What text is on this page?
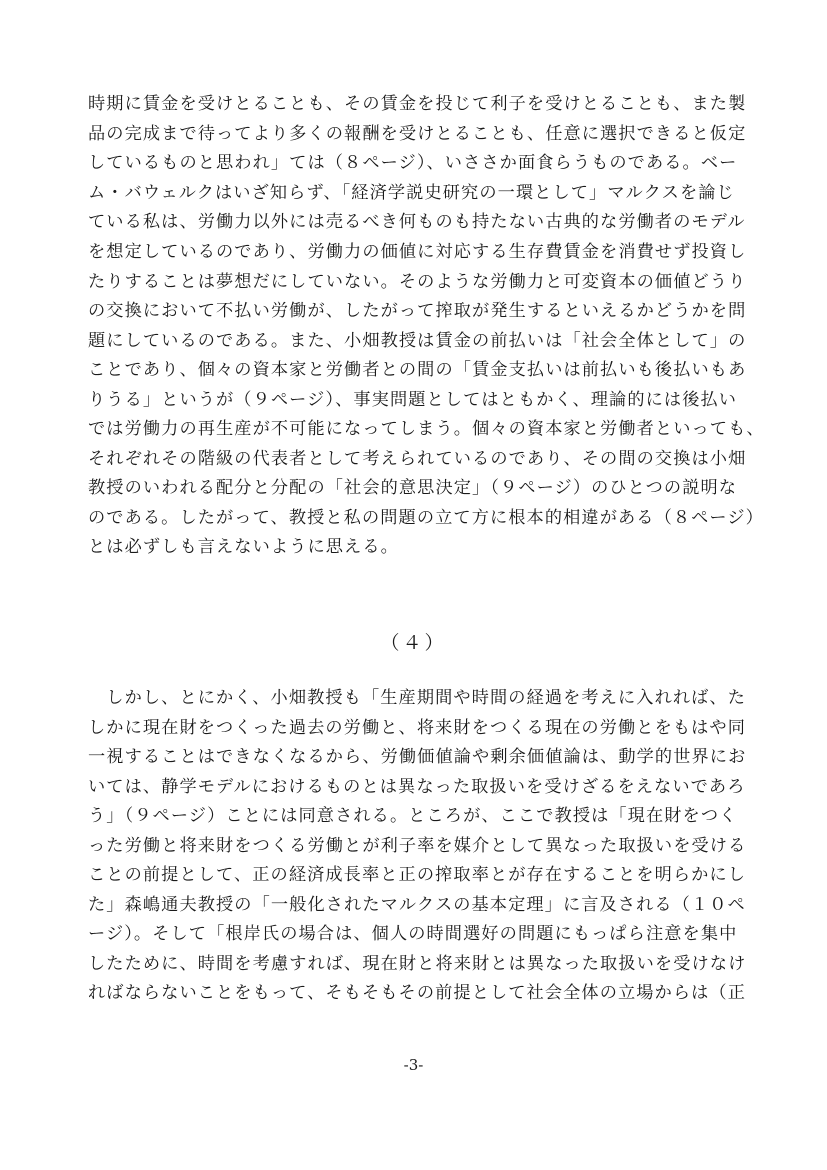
時期に賃金を受けとることも、その賃金を投じて利子を受けとることも、また製
品の完成まで待ってより多くの報酬を受けとることも、任意に選択できると仮定
しているものと思われ」ては（８ページ）、いささか面食らうものである。ベー
ム・バウェルクはいざ知らず、「経済学説史研究の一環として」マルクスを論じ
ている私は、労働力以外には売るべき何ものも持たない古典的な労働者のモデル
を想定しているのであり、労働力の価値に対応する生存費賃金を消費せず投資し
たりすることは夢想だにしていない。そのような労働力と可変資本の価値どうり
の交換において不払い労働が、したがって搾取が発生するといえるかどうかを問
題にしているのである。また、小畑教授は賃金の前払いは「社会全体として」の
ことであり、個々の資本家と労働者との間の「賃金支払いは前払いも後払いもあ
りうる」というが（９ページ）、事実問題としてはともかく、理論的には後払い
では労働力の再生産が不可能になってしまう。個々の資本家と労働者といっても、
それぞれその階級の代表者として考えられているのであり、その間の交換は小畑
教授のいわれる配分と分配の「社会的意思決定」（９ページ）のひとつの説明な
のである。したがって、教授と私の問題の立て方に根本的相違がある（８ページ）
とは必ずしも言えないように思える。
（４）
　しかし、とにかく、小畑教授も「生産期間や時間の経過を考えに入れれば、た
しかに現在財をつくった過去の労働と、将来財をつくる現在の労働とをもはや同
一視することはできなくなるから、労働価値論や剰余価値論は、動学的世界にお
いては、静学モデルにおけるものとは異なった取扱いを受けざるをえないであろ
う」（９ページ）ことには同意される。ところが、ここで教授は「現在財をつく
った労働と将来財をつくる労働とが利子率を媒介として異なった取扱いを受ける
ことの前提として、正の経済成長率と正の搾取率とが存在することを明らかにし
た」森嶋通夫教授の「一般化されたマルクスの基本定理」に言及される（１０ペ
ージ）。そして「根岸氏の場合は、個人の時間選好の問題にもっぱら注意を集中
したために、時間を考慮すれば、現在財と将来財とは異なった取扱いを受けなけ
ればならないことをもって、そもそもその前提として社会全体の立場からは（正
-3-
